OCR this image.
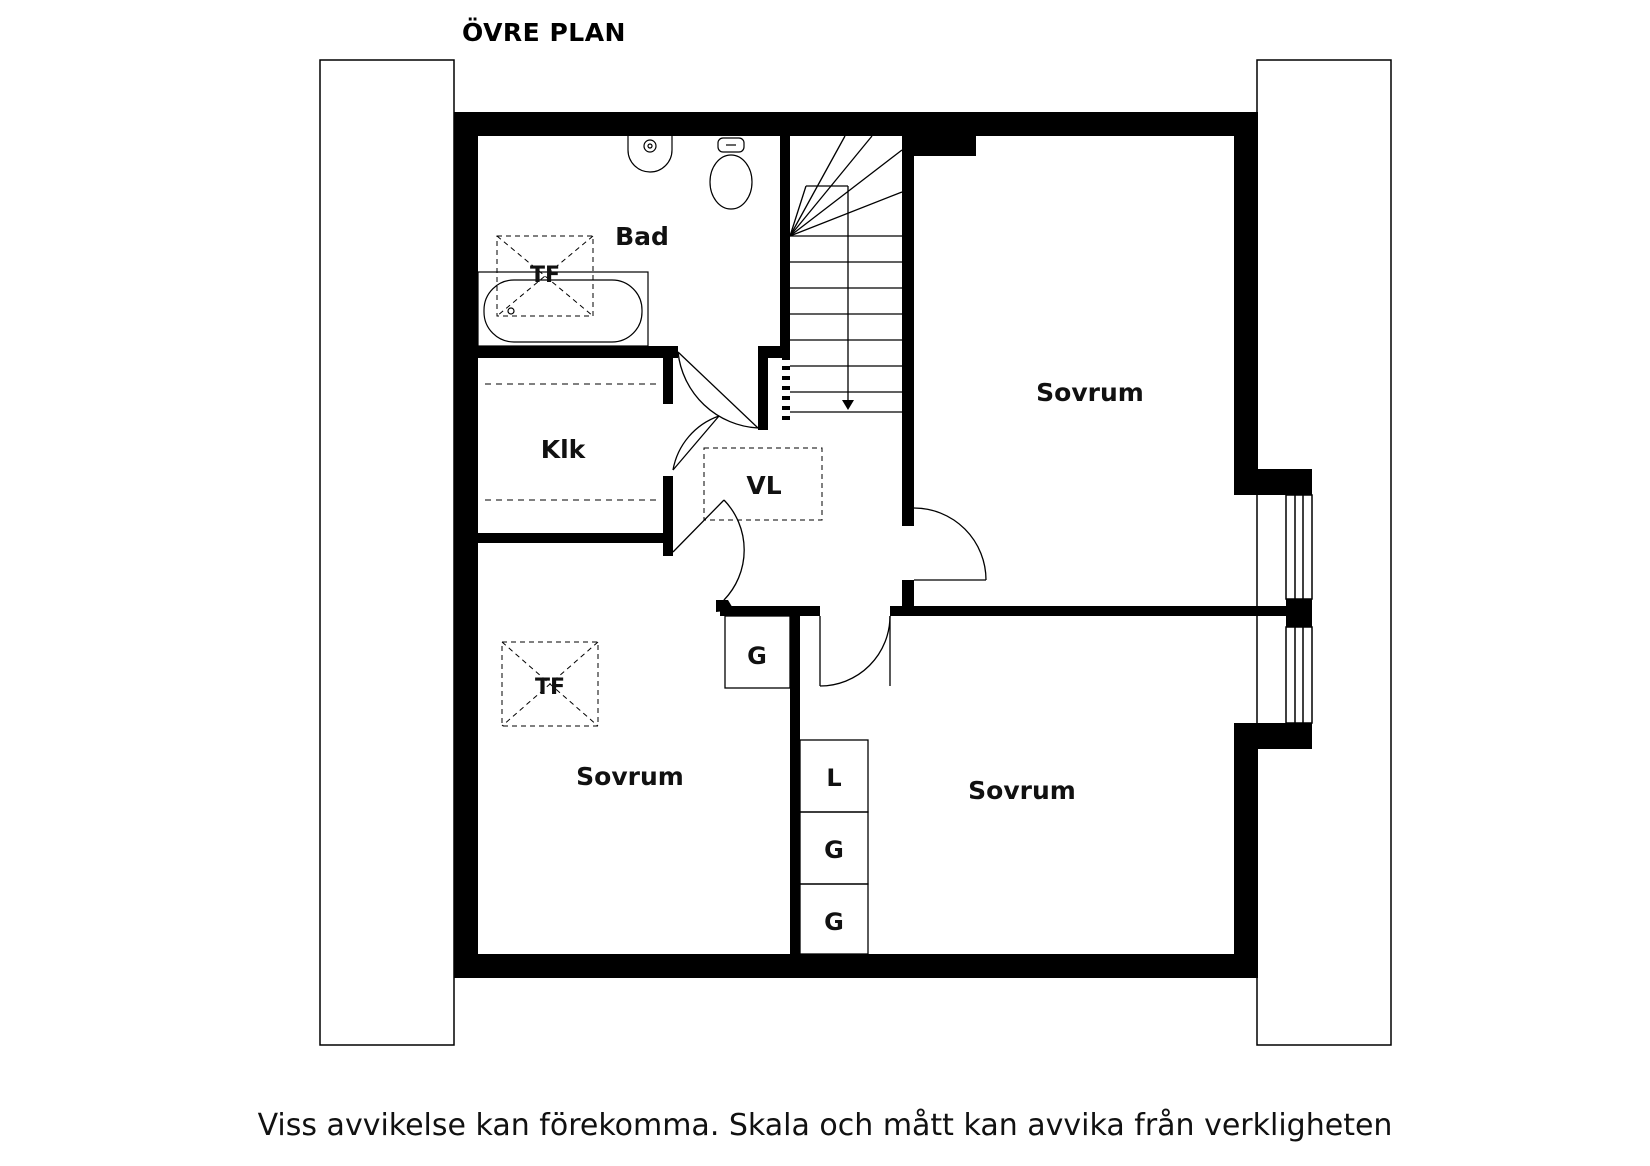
ÖVRE PLAN
TF
Bad
Klk
VL
Sovrum
Sovrum	Sovrum
TF
G
L
G
G
Viss avvikelse kan förekomma. Skala och mått kan avvika från verkligheten
